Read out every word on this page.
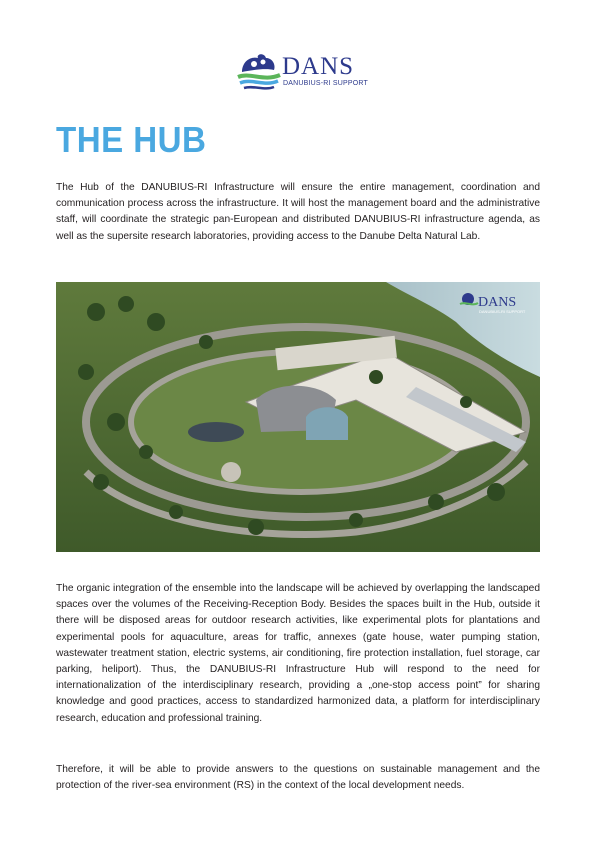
DANS
DANUBIUS-RI SUPPORT
THE HUB

The Hub of the DANUBIUS-RI Infrastructure will ensure the entire management, coordination and communication process across the infrastructure. It will host the management board and the administrative staff, will coordinate the strategic pan-European and distributed DANUBIUS-RI infrastructure agenda, as well as the supersite research laboratories, providing access to the Danube Delta Natural Lab.

DANS
DANUBIUS-RI SUPPORT

The organic integration of the ensemble into the landscape will be achieved by overlapping the landscaped spaces over the volumes of the Receiving-Reception Body. Besides the spaces built in the Hub, outside it there will be disposed areas for outdoor research activities, like experimental plots for plantations and experimental pools for aquaculture, areas for traffic, annexes (gate house, water pumping station, wastewater treatment station, electric systems, air conditioning, fire protection installation, fuel storage, car parking, heliport). Thus, the DANUBIUS-RI Infrastructure Hub will respond to the need for internationalization of the interdisciplinary research, providing a „one-stop access point” for sharing knowledge and good practices, access to standardized harmonized data, a platform for interdisciplinary research, education and professional training.

Therefore, it will be able to provide answers to the questions on sustainable management and the protection of the river-sea environment (RS) in the context of the local development needs.
